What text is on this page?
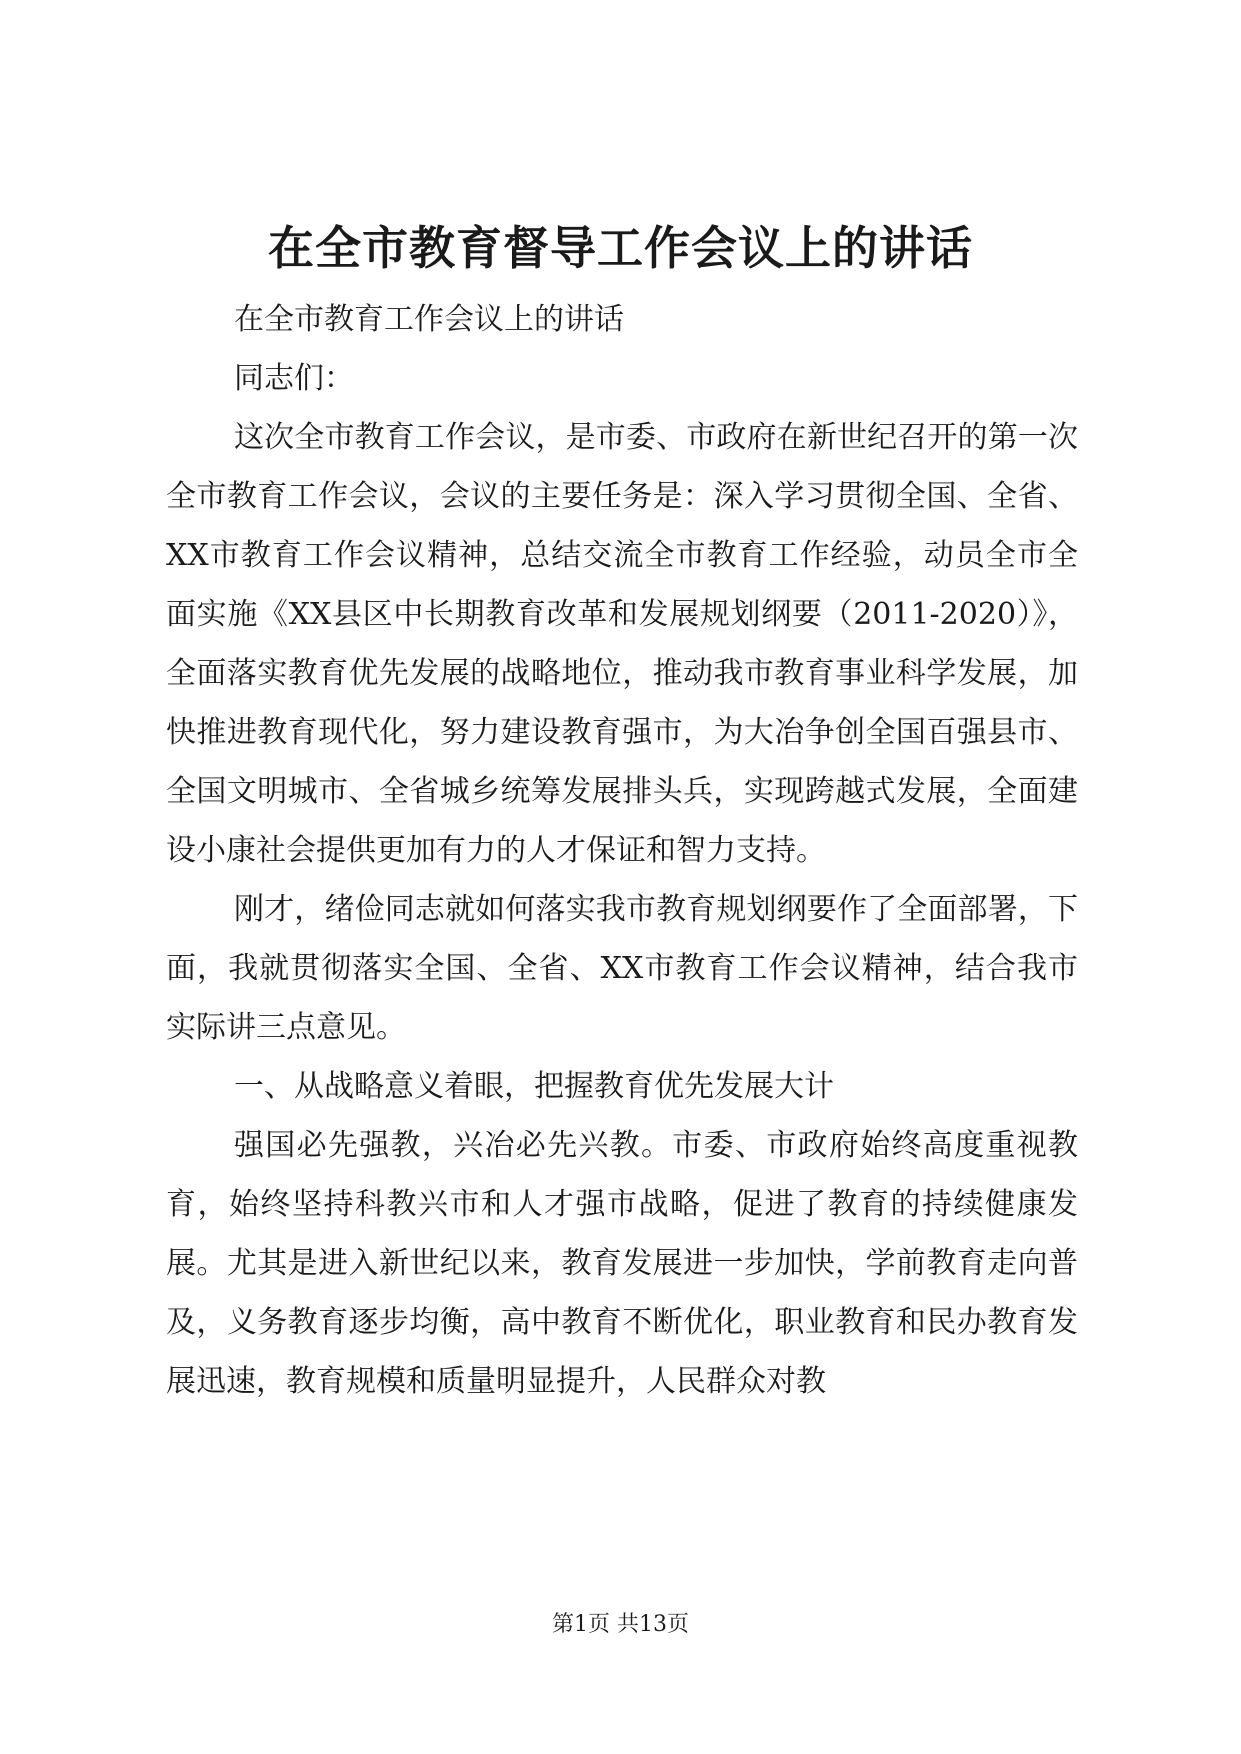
在全市教育督导工作会议上的讲话

在全市教育工作会议上的讲话

同志们：

这次全市教育工作会议，是市委、市政府在新世纪召开的第一次全市教育工作会议，会议的主要任务是：深入学习贯彻全国、全省、XX市教育工作会议精神，总结交流全市教育工作经验，动员全市全面实施《XX县区中长期教育改革和发展规划纲要（2011-2020）》，全面落实教育优先发展的战略地位，推动我市教育事业科学发展，加快推进教育现代化，努力建设教育强市，为大冶争创全国百强县市、全国文明城市、全省城乡统筹发展排头兵，实现跨越式发展，全面建设小康社会提供更加有力的人才保证和智力支持。

刚才，绪俭同志就如何落实我市教育规划纲要作了全面部署，下面，我就贯彻落实全国、全省、XX市教育工作会议精神，结合我市实际讲三点意见。

一、从战略意义着眼，把握教育优先发展大计

强国必先强教，兴冶必先兴教。市委、市政府始终高度重视教育，始终坚持科教兴市和人才强市战略，促进了教育的持续健康发展。尤其是进入新世纪以来，教育发展进一步加快，学前教育走向普及，义务教育逐步均衡，高中教育不断优化，职业教育和民办教育发展迅速，教育规模和质量明显提升，人民群众对教

第1页 共13页
